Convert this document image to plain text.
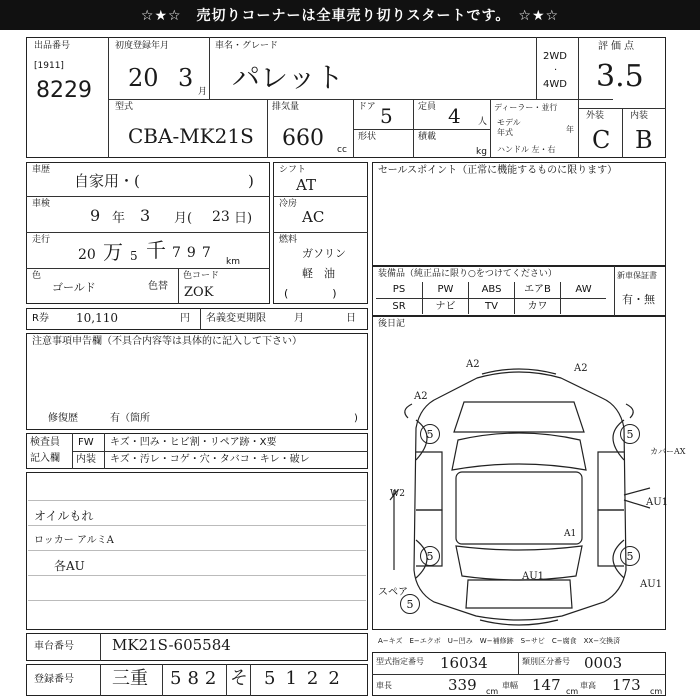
☆★☆　売切りコーナーは全車売り切りスタートです。　☆★☆
出品番号
[1911]
8229
初度登録年月
20 3 月
車名・グレード
パレット
2WD
·
4WD
評価点
3.5
型式
CBA-MK21S
排気量
660 cc
ドア 5
形状
定員 4 人
積載
kg
ディーラー・並行
モデル年式	年
ハンドル 左・右
外装	内装
C B
車歴
自家用・(	)
車検
9 年 3 月( 23 日)
走行
20 万 5 千 797
km
色
ゴールド	色替
色コード
ZOK
シフト
AT
冷房
AC
燃料
ガソリン
軽　油
(　　　　)
セールスポイント（正常に機能するものに限ります）
装備品（純正品に限り○をつけてください）	新車保証書
有・無
PS	PW	ABS	エアB	AW
SR	ナビ	TV	カワ
R券 10,110	円 名義変更期限	月	日
注意事項申告欄（不具合内容等は具体的に記入して下さい）
修復歴	有（箇所	)
検査員
記入欄
FW キズ・凹み・ヒビ割・リペア跡・X要
内装 キズ・汚レ・コゲ・穴・タバコ・キレ・破レ
オイルもれ
ロッカー アルミA
各AU
後日記
A2	A2
A2
カバーAX
AU1
AU1
AU1
W2
A1
5	5
5	5
スペア
5
車台番号	MK21S-605584
登録番号 三重 582 そ 5122
A−キズ　E−エクボ　U−凹み　W−補修跡　S−サビ　C−腐食　XX−交換済
型式指定番号 16034	類別区分番号 0003
車長	339 cm
車幅 147 cm
車高 173 cm
